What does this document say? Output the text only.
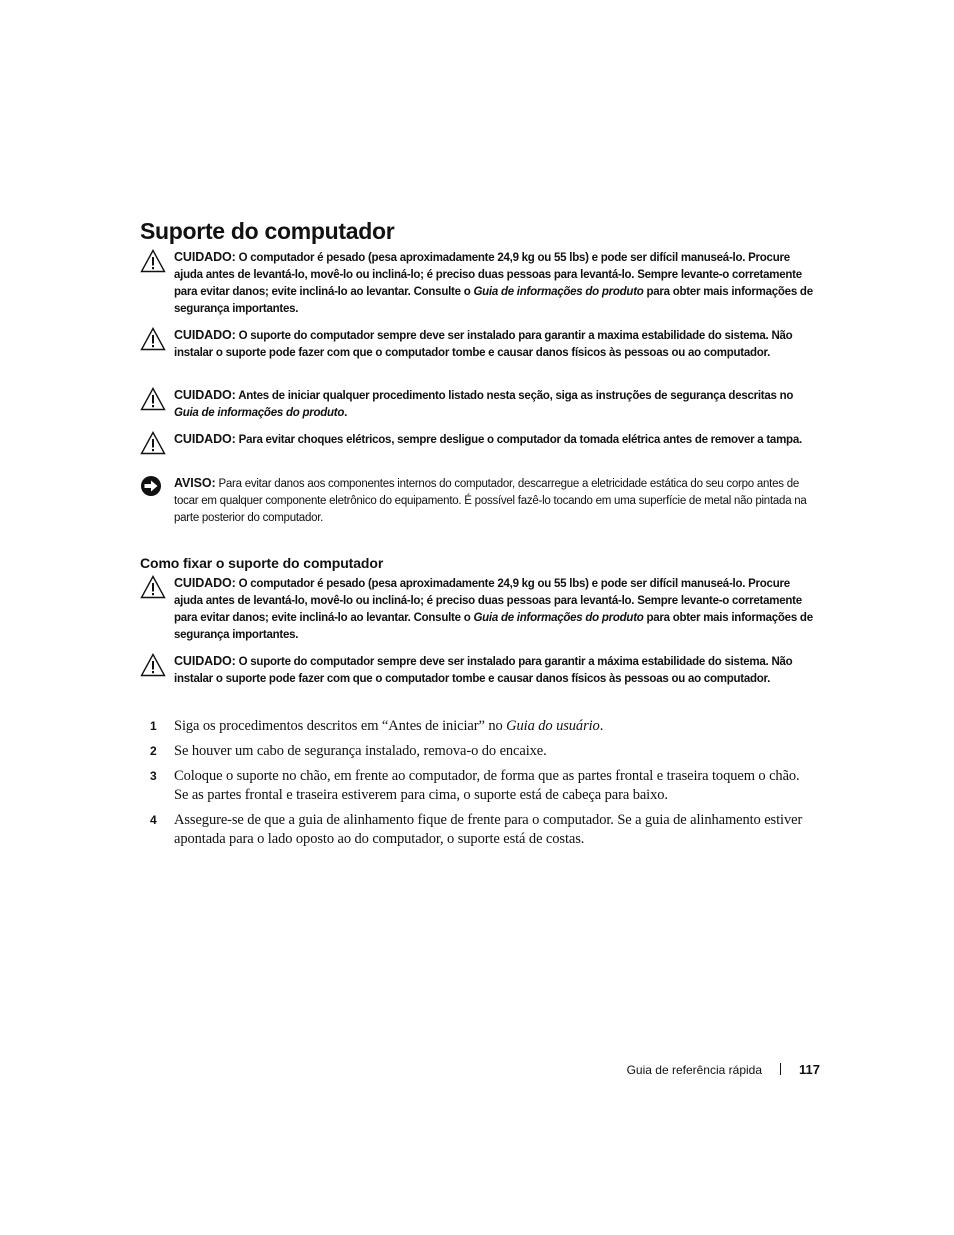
Suporte do computador
CUIDADO: O computador é pesado (pesa aproximadamente 24,9 kg ou 55 lbs) e pode ser difícil manuseá-lo. Procure ajuda antes de levantá-lo, movê-lo ou incliná-lo; é preciso duas pessoas para levantá-lo. Sempre levante-o corretamente para evitar danos; evite incliná-lo ao levantar. Consulte o Guia de informações do produto para obter mais informações de segurança importantes.
CUIDADO: O suporte do computador sempre deve ser instalado para garantir a maxima estabilidade do sistema. Não instalar o suporte pode fazer com que o computador tombe e causar danos físicos às pessoas ou ao computador.
CUIDADO: Antes de iniciar qualquer procedimento listado nesta seção, siga as instruções de segurança descritas no Guia de informações do produto.
CUIDADO: Para evitar choques elétricos, sempre desligue o computador da tomada elétrica antes de remover a tampa.
AVISO: Para evitar danos aos componentes internos do computador, descarregue a eletricidade estática do seu corpo antes de tocar em qualquer componente eletrônico do equipamento. É possível fazê-lo tocando em uma superfície de metal não pintada na parte posterior do computador.
Como fixar o suporte do computador
CUIDADO: O computador é pesado (pesa aproximadamente 24,9 kg ou 55 lbs) e pode ser difícil manuseá-lo. Procure ajuda antes de levantá-lo, movê-lo ou incliná-lo; é preciso duas pessoas para levantá-lo. Sempre levante-o corretamente para evitar danos; evite incliná-lo ao levantar. Consulte o Guia de informações do produto para obter mais informações de segurança importantes.
CUIDADO: O suporte do computador sempre deve ser instalado para garantir a máxima estabilidade do sistema. Não instalar o suporte pode fazer com que o computador tombe e causar danos físicos às pessoas ou ao computador.
1 Siga os procedimentos descritos em “Antes de iniciar” no Guia do usuário.

2 Se houver um cabo de segurança instalado, remova-o do encaixe.

3 Coloque o suporte no chão, em frente ao computador, de forma que as partes frontal e traseira toquem o chão.

Se as partes frontal e traseira estiverem para cima, o suporte está de cabeça para baixo.

4 Assegure-se de que a guia de alinhamento fique de frente para o computador. Se a guia de alinhamento estiver apontada para o lado oposto ao do computador, o suporte está de costas.

Guia de referência rápida	117
